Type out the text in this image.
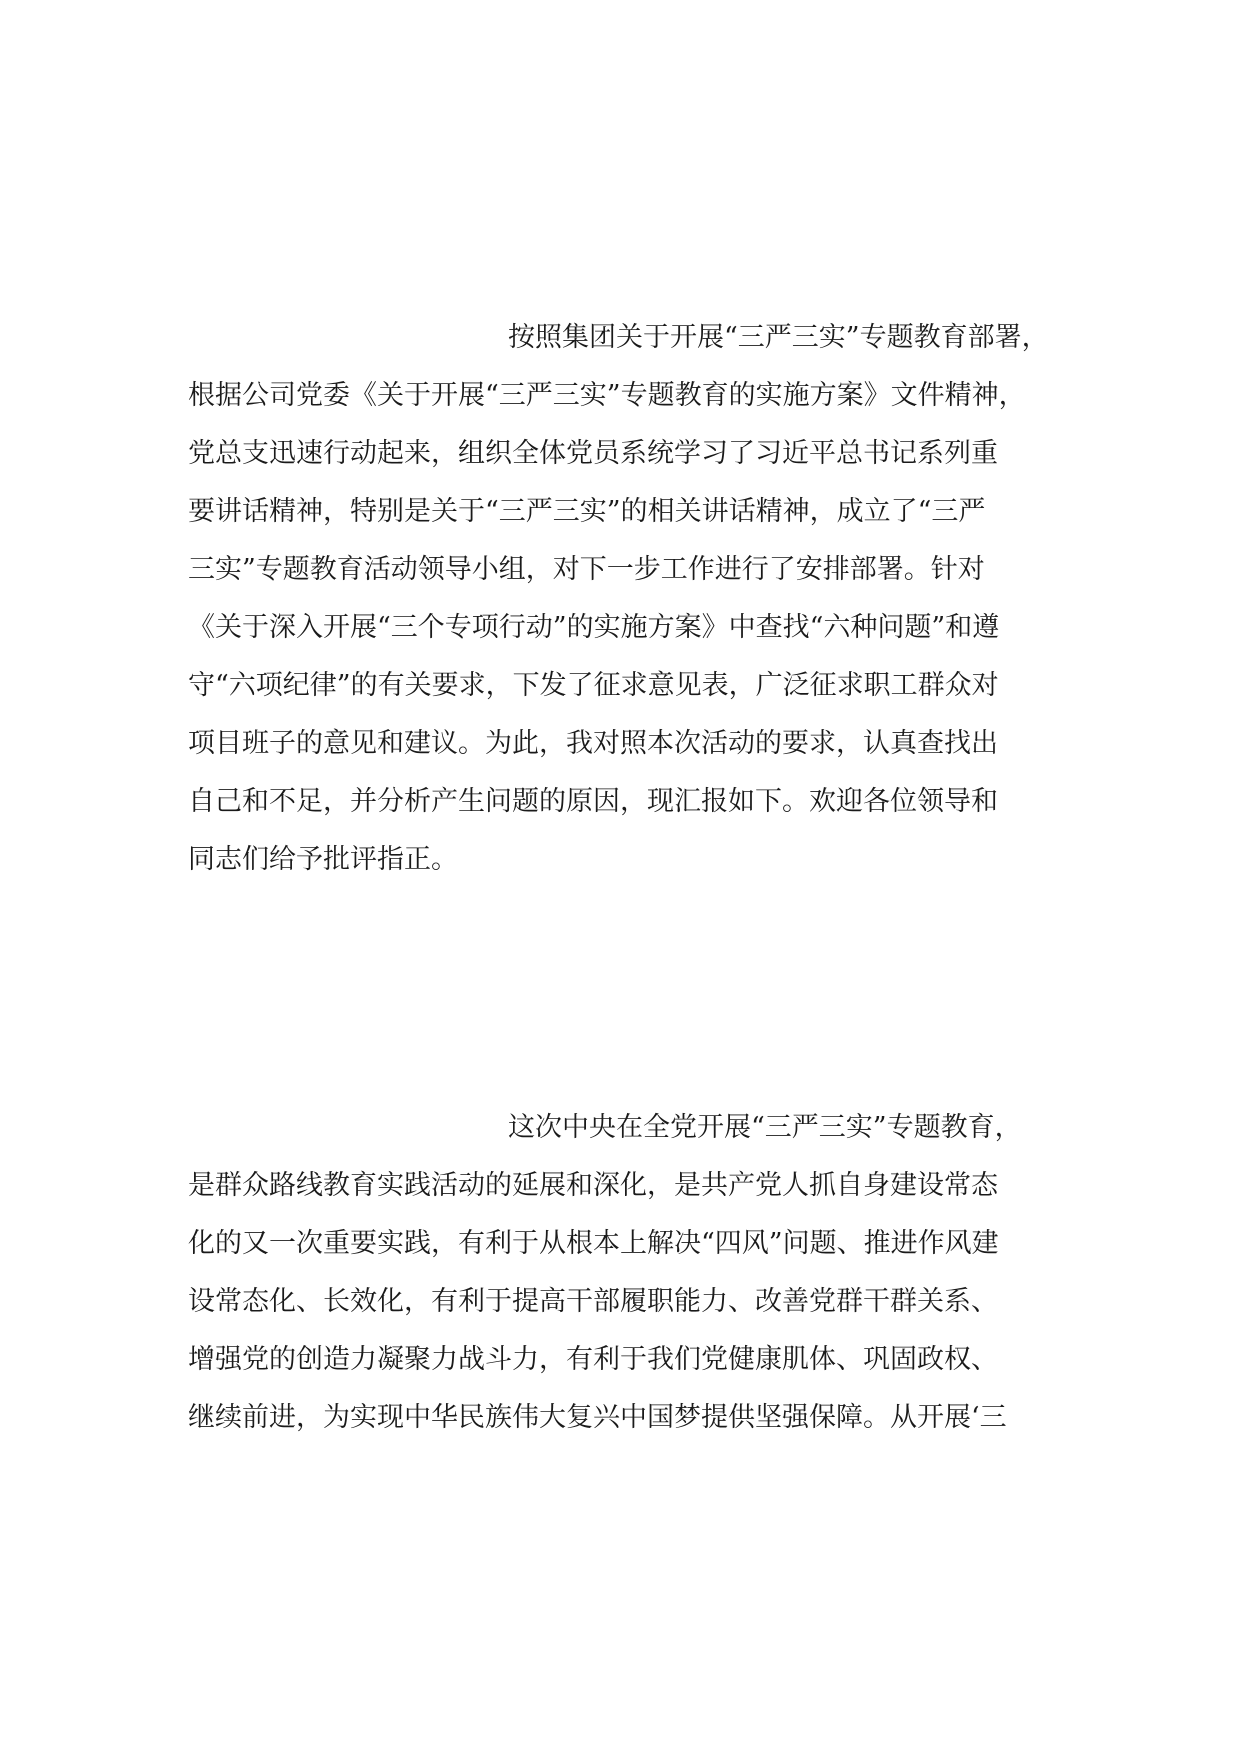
按照集团关于开展“三严三实”专题教育部署，
根据公司党委《关于开展“三严三实”专题教育的实施方案》文件精神，
党总支迅速行动起来，组织全体党员系统学习了习近平总书记系列重
要讲话精神，特别是关于“三严三实”的相关讲话精神，成立了“三严
三实”专题教育活动领导小组，对下一步工作进行了安排部署。针对
《关于深入开展“三个专项行动”的实施方案》中查找“六种问题”和遵
守“六项纪律”的有关要求，下发了征求意见表，广泛征求职工群众对
项目班子的意见和建议。为此，我对照本次活动的要求，认真查找出
自己和不足，并分析产生问题的原因，现汇报如下。欢迎各位领导和
同志们给予批评指正。
这次中央在全党开展“三严三实”专题教育，
是群众路线教育实践活动的延展和深化，是共产党人抓自身建设常态
化的又一次重要实践，有利于从根本上解决“四风”问题、推进作风建
设常态化、长效化，有利于提高干部履职能力、改善党群干群关系、
增强党的创造力凝聚力战斗力，有利于我们党健康肌体、巩固政权、
继续前进，为实现中华民族伟大复兴中国梦提供坚强保障。从开展‘三
